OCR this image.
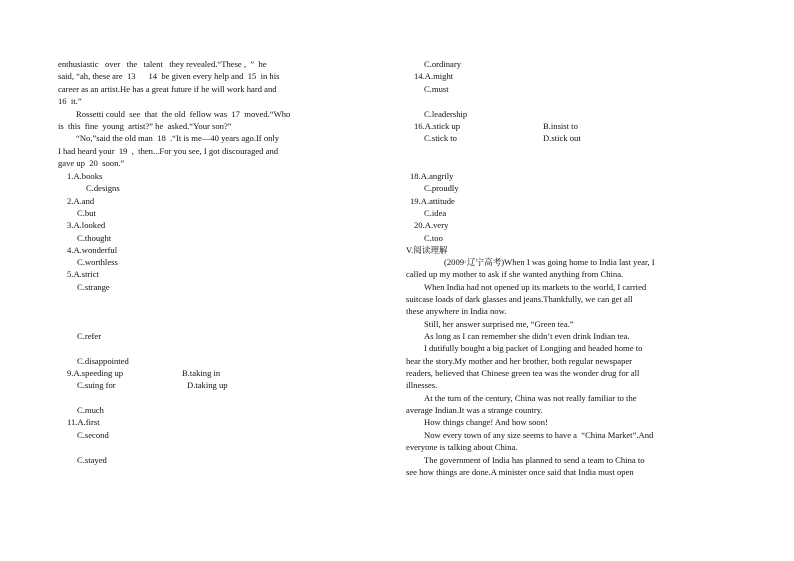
enthusiastic   over   the   talent   they revealed.“These ,  ”  he
said, “ah, these are  13      14  be given every help and  15  in his
career as an artist.He has a great future if he will work hard and
16  it.”
Rossetti could  see  that  the old  fellow was  17  moved.“Who
is  this  fine  young  artist?” he  asked.“Your son?”
“No,”said the old man  18  .“It is me—40 years ago.If only
I had heard your  19  ,  then...For you see, I got discouraged and
gave up  20  soon.”
1.A.books
C.designs
2.A.and
C.but
3.A.looked
C.thought
4.A.wonderful
C.worthless
5.A.strict
C.strange
C.refer
C.disappointed
9.A.speeding up	B.taking in
C.suing for	D.taking up
C.much
11.A.first
C.second
C.stayed
C.ordinary
14.A.might
C.must
C.leadership
16.A.stick up	B.insist to
C.stick to	D.stick out
18.A.angrily
C.proudly
19.A.attitude
C.idea
20.A.very
C.too
V.阅读理解
(2009·辽宁高考)When I was going home to India last year, I
called up my mother to ask if she wanted anything from China.
When India had not opened up its markets to the world, I carried
suitcase loads of dark glasses and jeans.Thankfully, we can get all
these anywhere in India now.
Still, her answer surprised me, “Green tea.”
As long as I can remember she didn’t even drink Indian tea.
I dutifully bought a big packet of Longjing and headed home to
hear the story.My mother and her brother, both regular newspaper
readers, believed that Chinese green tea was the wonder drug for all
illnesses.
At the turn of the century, China was not really familiar to the
average Indian.It was a strange country.
How things change! And how soon!
Now every town of any size seems to have a  “China Market”.And
everyone is talking about China.
The government of India has planned to send a team to China to
see how things are done.A minister once said that India must open
